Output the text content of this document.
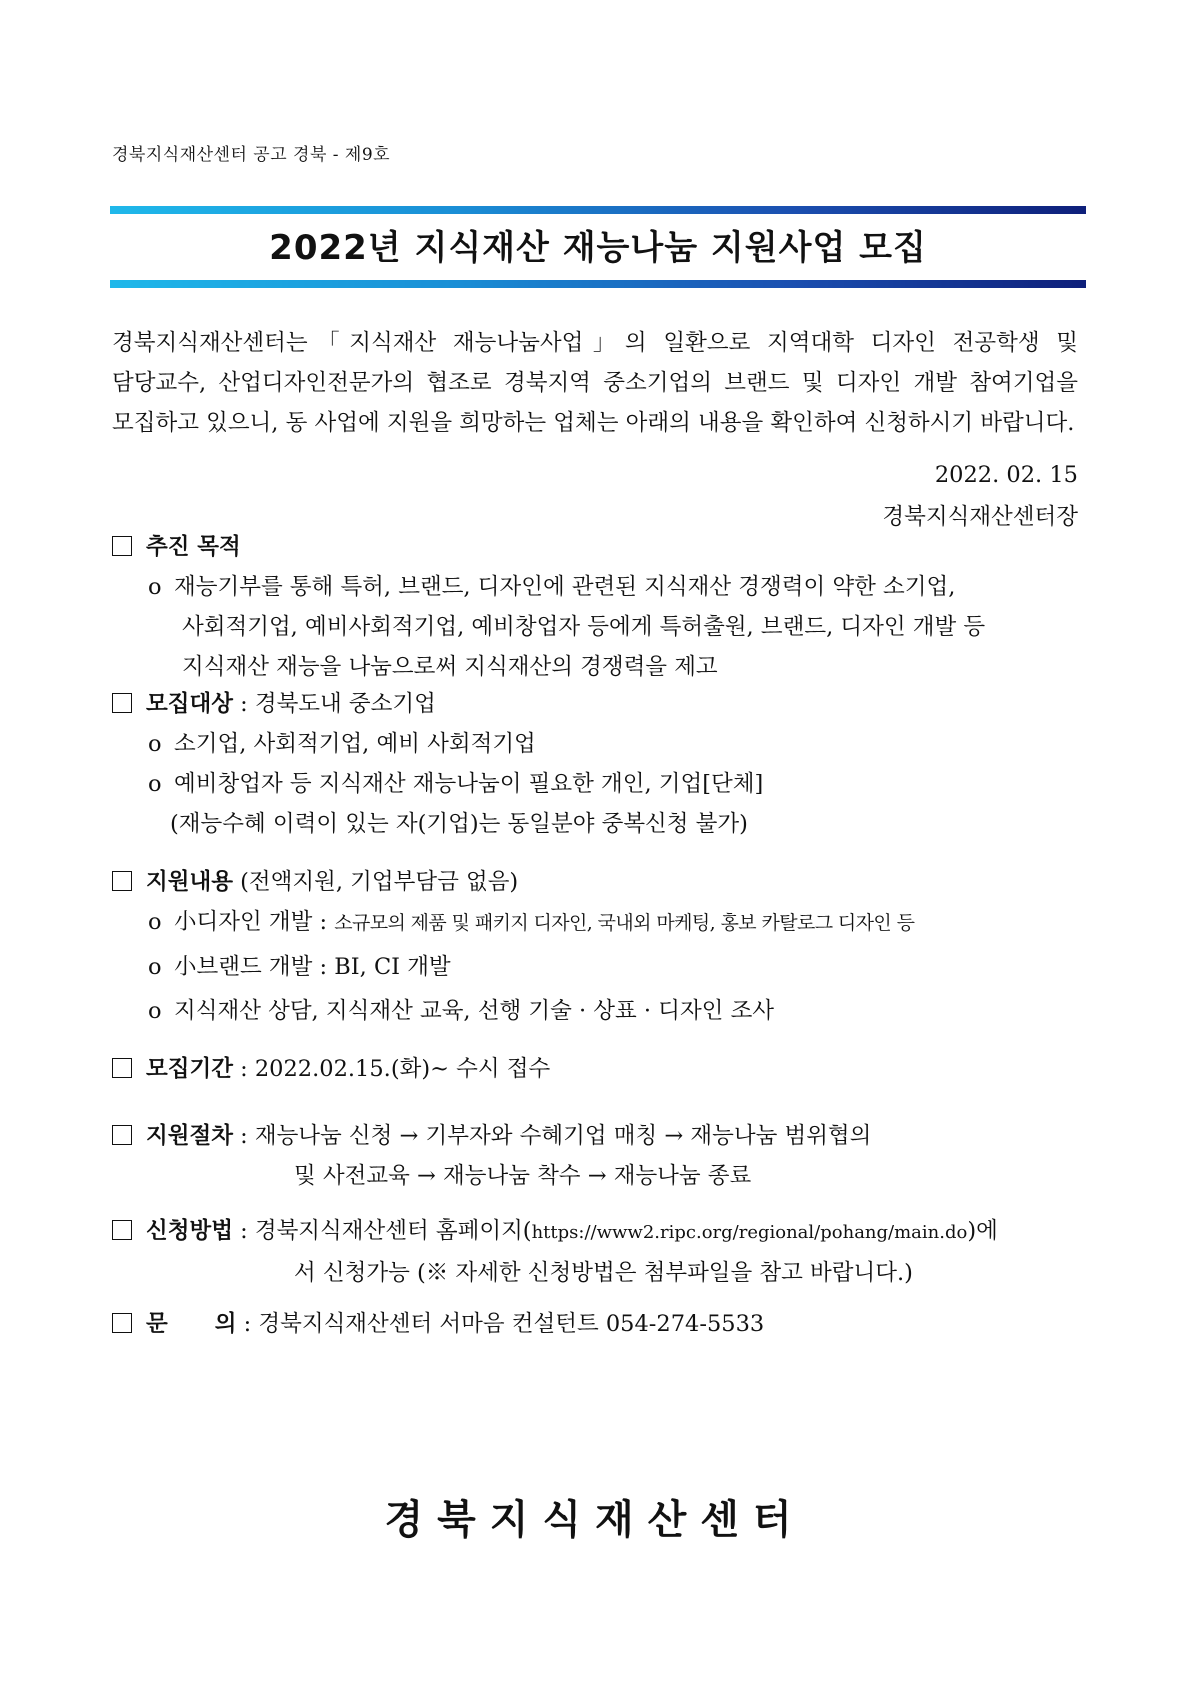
경북지식재산센터 공고 경북 - 제9호
2022년 지식재산 재능나눔 지원사업 모집
경북지식재산센터는「지식재산 재능나눔사업」의 일환으로 지역대학 디자인 전공학생 및 담당교수, 산업디자인전문가의 협조로 경북지역 중소기업의 브랜드 및 디자인 개발 참여기업을 모집하고 있으니, 동 사업에 지원을 희망하는 업체는 아래의 내용을 확인하여 신청하시기 바랍니다.
2022. 02. 15
경북지식재산센터장
추진 목적
o 재능기부를 통해 특허, 브랜드, 디자인에 관련된 지식재산 경쟁력이 약한 소기업,
사회적기업, 예비사회적기업, 예비창업자 등에게 특허출원, 브랜드, 디자인 개발 등
지식재산 재능을 나눔으로써 지식재산의 경쟁력을 제고
모집대상 : 경북도내 중소기업
o 소기업, 사회적기업, 예비 사회적기업
o 예비창업자 등 지식재산 재능나눔이 필요한 개인, 기업[단체]
(재능수혜 이력이 있는 자(기업)는 동일분야 중복신청 불가)
지원내용 (전액지원, 기업부담금 없음)
o 小디자인 개발 : 소규모의 제품 및 패키지 디자인, 국내외 마케팅, 홍보 카탈로그 디자인 등
o 小브랜드 개발 : BI, CI 개발
o 지식재산 상담, 지식재산 교육, 선행 기술 · 상표 · 디자인 조사
모집기간 : 2022.02.15.(화)~ 수시 접수
지원절차 : 재능나눔 신청 → 기부자와 수혜기업 매칭 → 재능나눔 범위협의
및 사전교육 → 재능나눔 착수 → 재능나눔 종료
신청방법 : 경북지식재산센터 홈페이지(https://www2.ripc.org/regional/pohang/main.do)에
서 신청가능 (※ 자세한 신청방법은 첨부파일을 참고 바랍니다.)
문      의 : 경북지식재산센터 서마음 컨설턴트 054-274-5533
경북지식재산센터
